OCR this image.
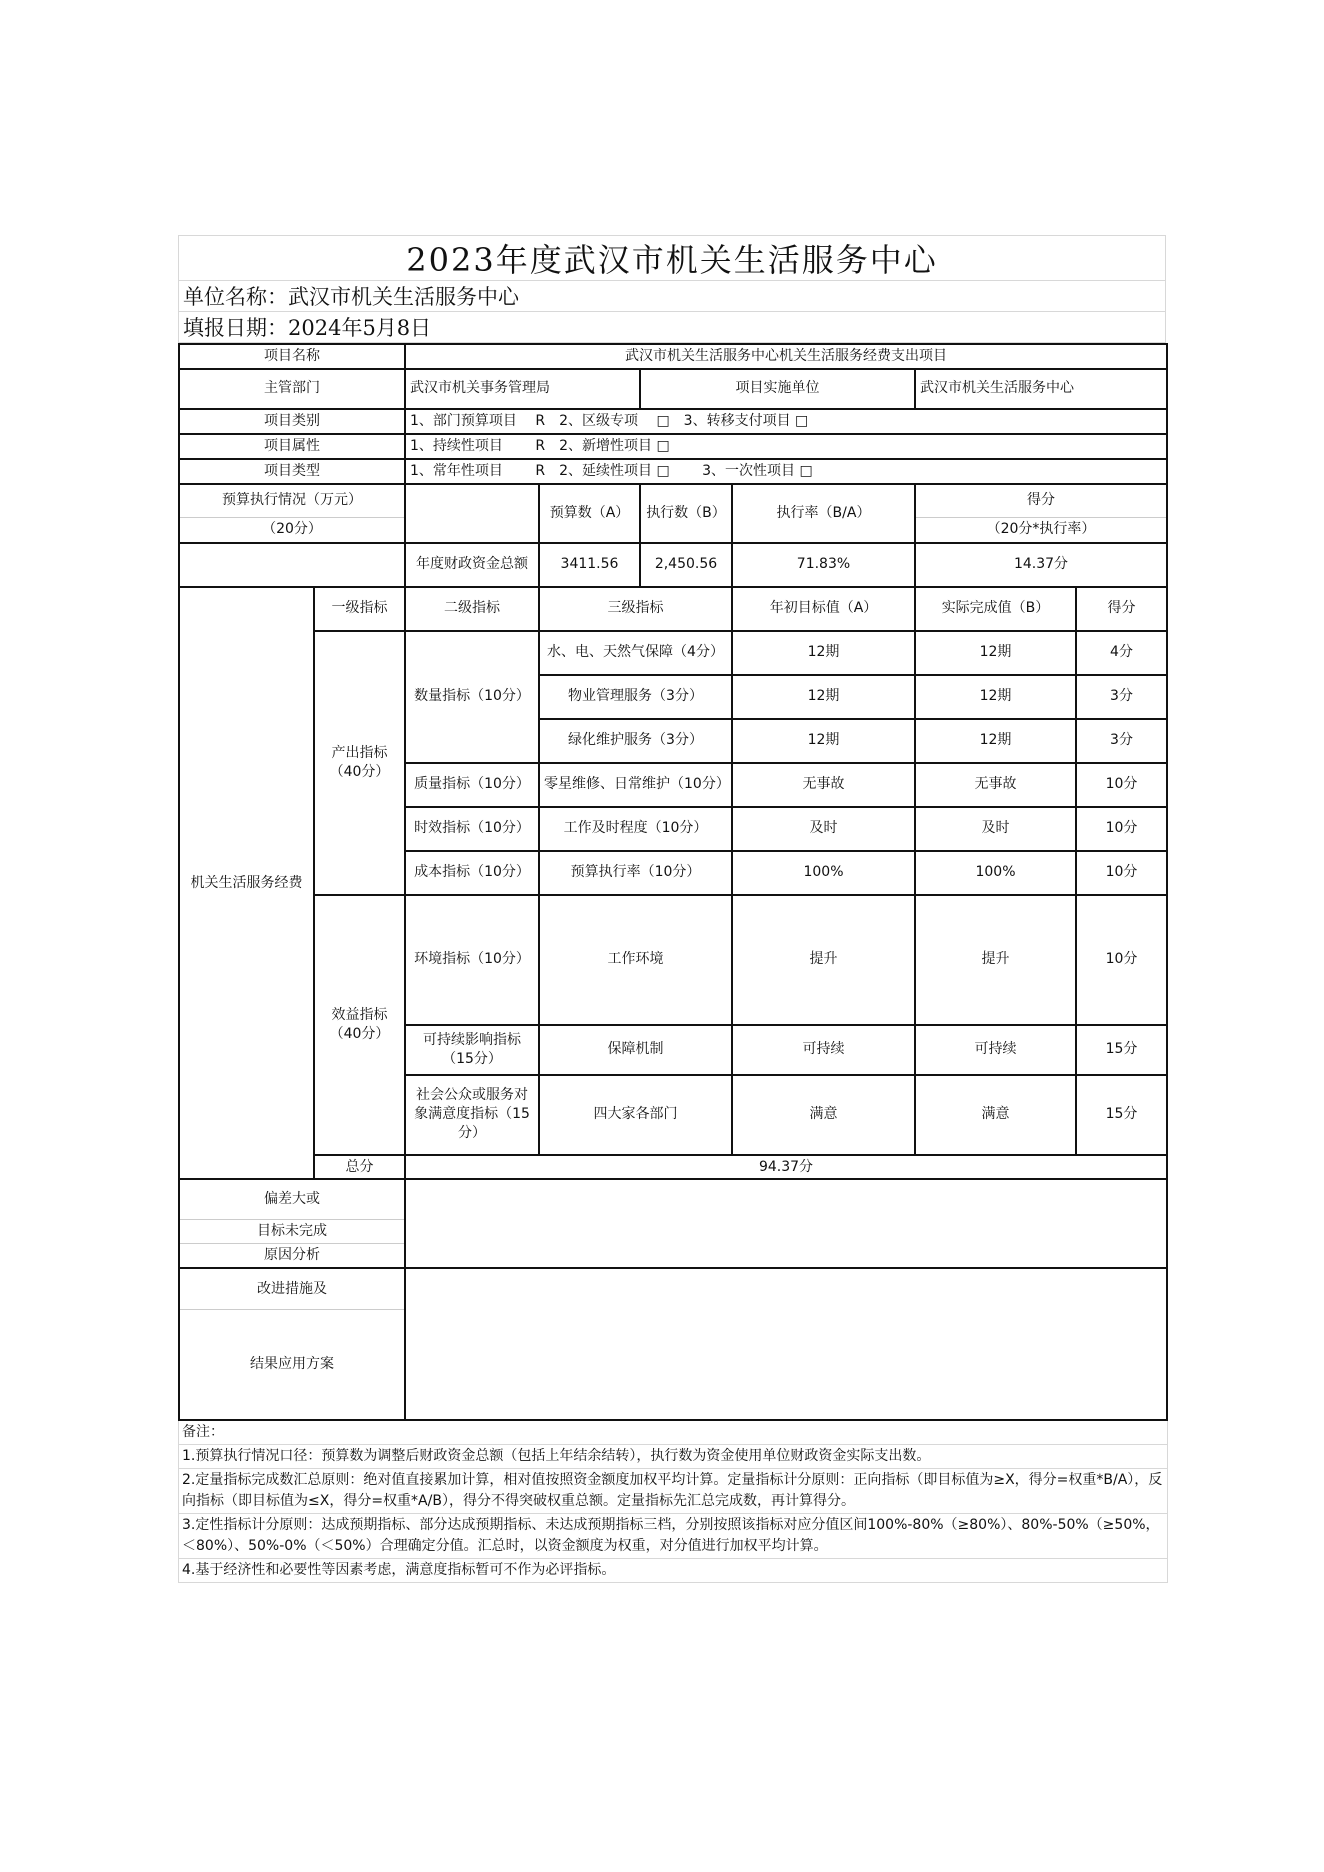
2023年度武汉市机关生活服务中心
单位名称：武汉市机关生活服务中心
填报日期：2024年5月8日
项目名称		武汉市机关生活服务中心机关生活服务经费支出项目					
主管部门		武汉市机关事务管理局		项目实施单位		武汉市机关生活服务中心	
项目类别		1、部门预算项目　 R　2、区级专项　 □　3、转移支付项目 □					
项目属性		1、持续性项目　　 R　2、新增性项目 □					
项目类型		1、常年性项目　　 R　2、延续性项目 □　　 3、一次性项目 □					
预算执行情况（万元）			预算数（A）	执行数（B）	执行率（B/A）	得分	
（20分）						（20分*执行率）	
		年度财政资金总额	3411.56	2,450.56	71.83%	14.37分	
机关生活服务经费	一级指标	二级指标	三级指标		年初目标值（A）	实际完成值（B）	得分
	产出指标（40分）	数量指标（10分）	水、电、天然气保障（4分）		12期	12期	4分
			物业管理服务（3分）		12期	12期	3分
			绿化维护服务（3分）		12期	12期	3分
		质量指标（10分）	零星维修、日常维护（10分）		无事故	无事故	10分
		时效指标（10分）	工作及时程度（10分）		及时	及时	10分
		成本指标（10分）	预算执行率（10分）		100%	100%	10分
	效益指标（40分）	环境指标（10分）	工作环境		提升	提升	10分
		可持续影响指标（15分）	保障机制		可持续	可持续	15分
		社会公众或服务对象满意度指标（15分）	四大家各部门		满意	满意	15分
	总分	94.37分					
偏差大或							
目标未完成							
原因分析							
改进措施及							
结果应用方案							
备注：
1.预算执行情况口径：预算数为调整后财政资金总额（包括上年结余结转），执行数为资金使用单位财政资金实际支出数。
2.定量指标完成数汇总原则：绝对值直接累加计算，相对值按照资金额度加权平均计算。定量指标计分原则：正向指标（即目标值为≥X，得分=权重*B/A），反向指标（即目标值为≤X，得分=权重*A/B），得分不得突破权重总额。定量指标先汇总完成数，再计算得分。
3.定性指标计分原则：达成预期指标、部分达成预期指标、未达成预期指标三档，分别按照该指标对应分值区间100%-80%（≥80%）、80%-50%（≥50%，＜80%）、50%-0%（＜50%）合理确定分值。汇总时，以资金额度为权重，对分值进行加权平均计算。
4.基于经济性和必要性等因素考虑，满意度指标暂可不作为必评指标。
